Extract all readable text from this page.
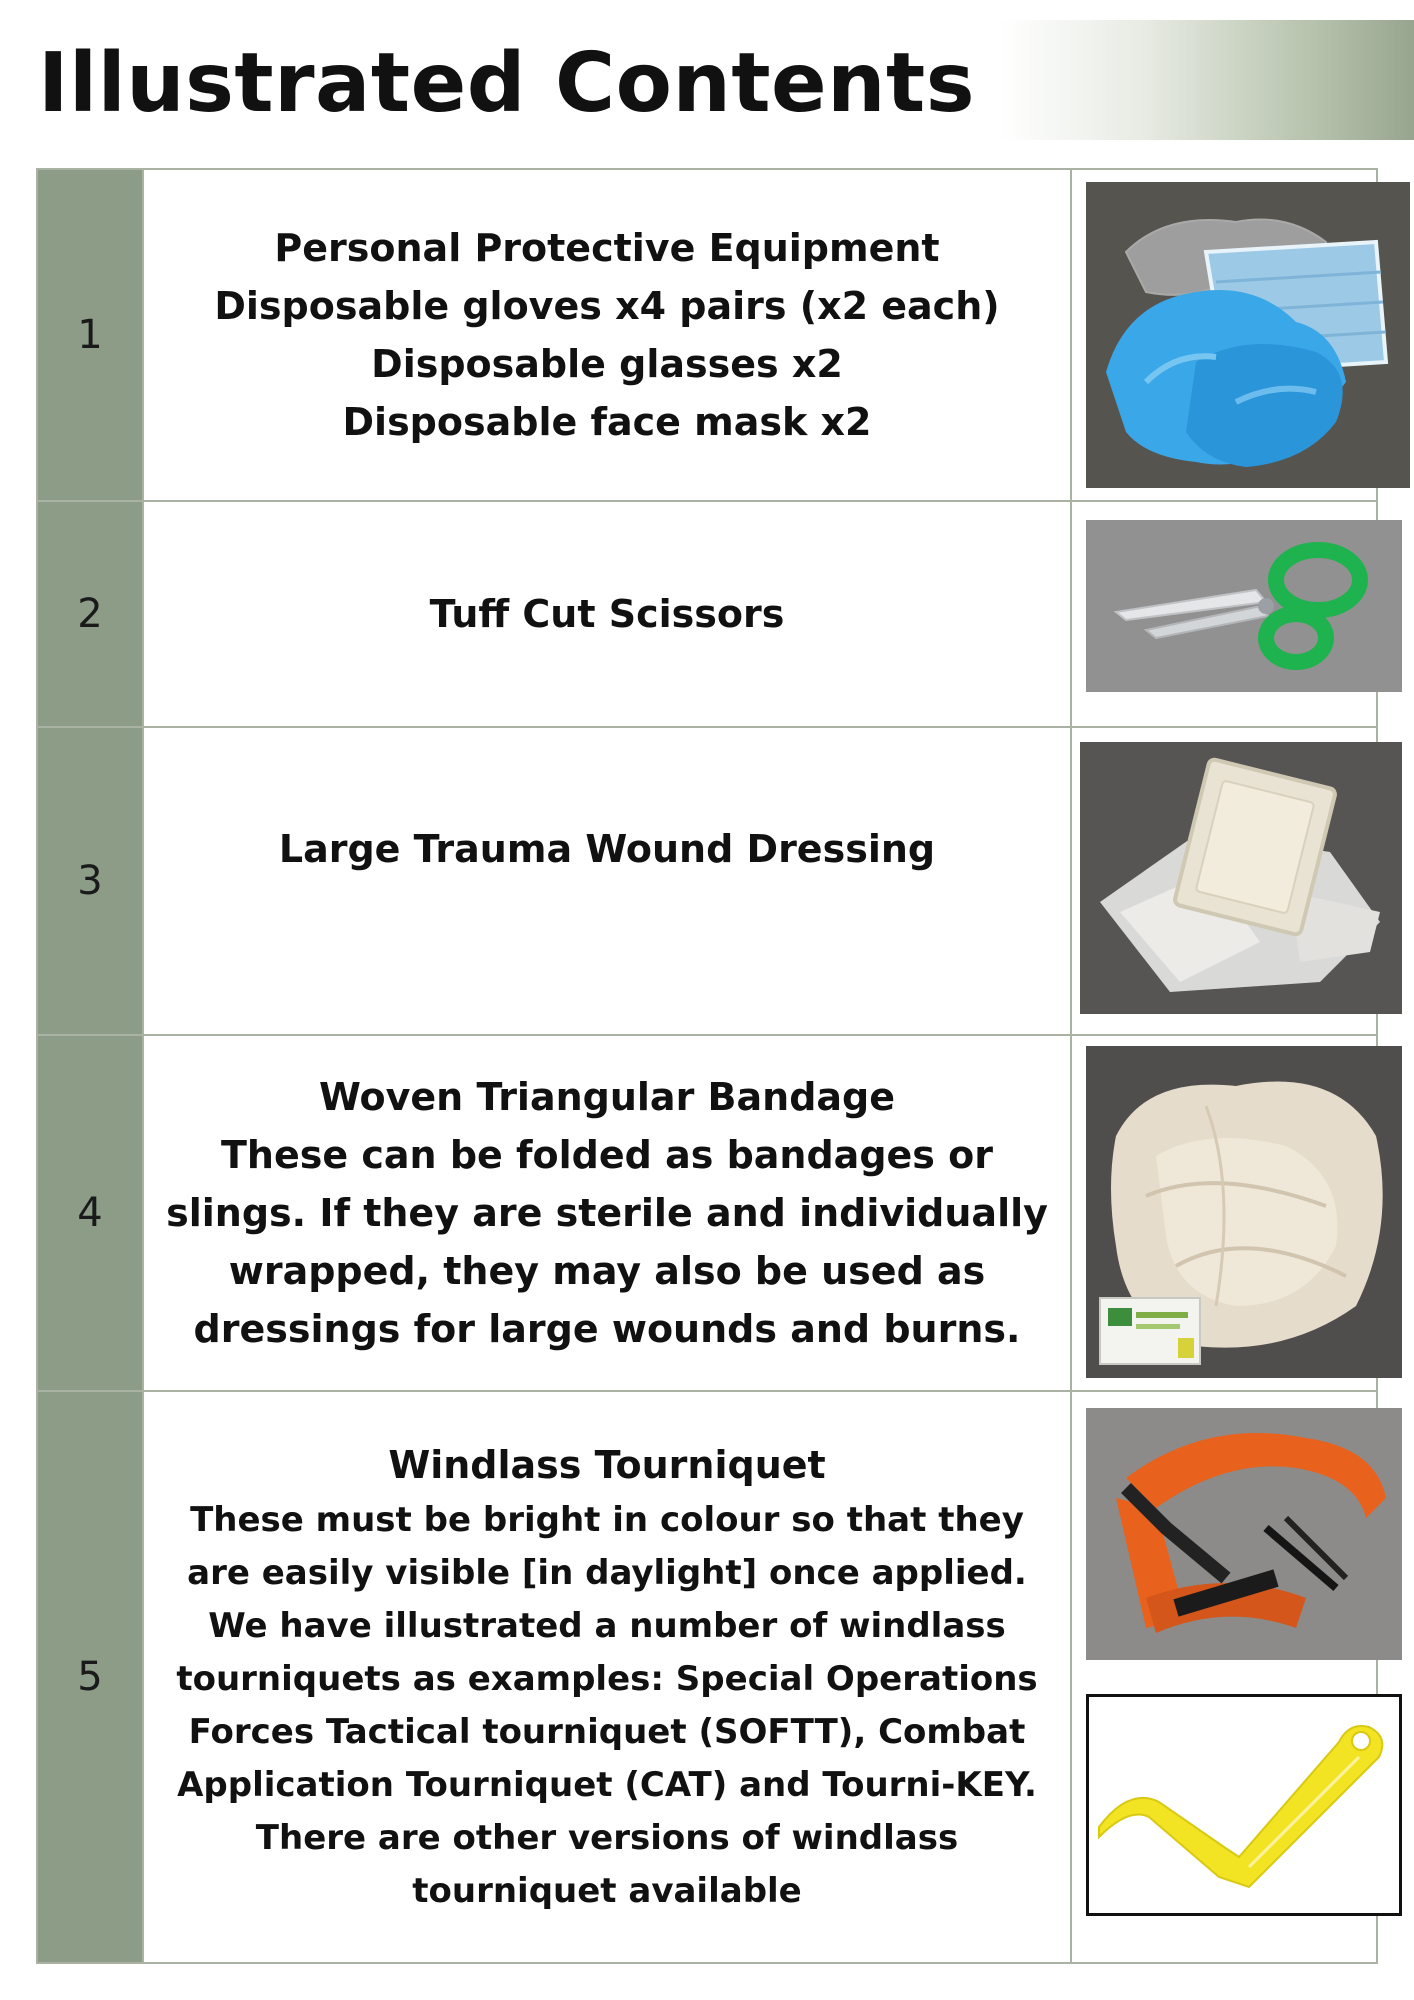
Illustrated Contents
1
Personal Protective Equipment
Disposable gloves x4 pairs (x2 each)
Disposable glasses x2
Disposable face mask x2
2	Tuff Cut Scissors
3
Large Trauma Wound Dressing
4
Woven Triangular Bandage
These can be folded as bandages or
slings. If they are sterile and individually
wrapped, they may also be used as
dressings for large wounds and burns.
5
Windlass Tourniquet
These must be bright in colour so that they
are easily visible [in daylight] once applied.
We have illustrated a number of windlass
tourniquets as examples: Special Operations
Forces Tactical tourniquet (SOFTT), Combat
Application Tourniquet (CAT) and Tourni-KEY.
There are other versions of windlass
tourniquet available
